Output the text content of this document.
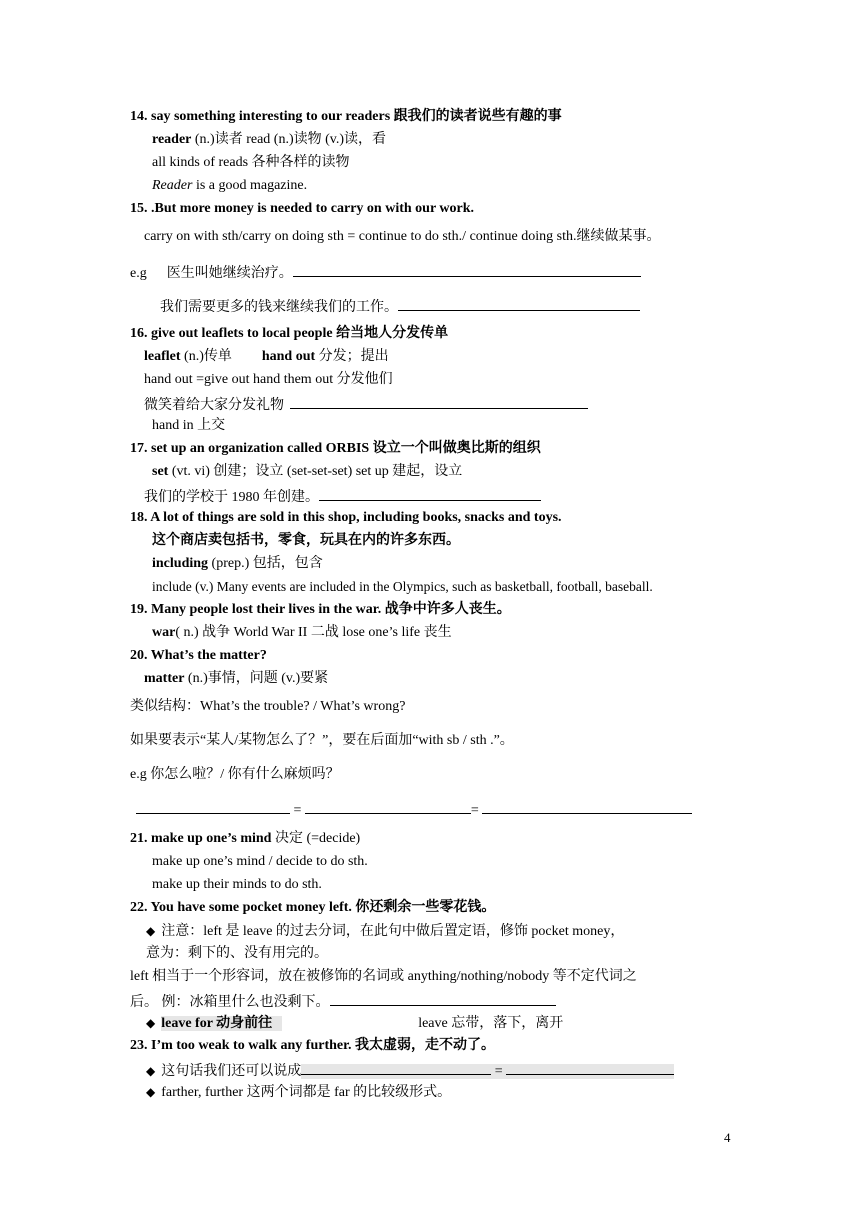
14. say something interesting to our readers 跟我们的读者说些有趣的事
reader (n.)读者 read (n.)读物 (v.)读，看
all kinds of reads 各种各样的读物
Reader is a good magazine.
15. .But more money is needed to carry on with our work.
carry on with sth/carry on doing sth = continue to do sth./ continue doing sth.继续做某事。
e.g 医生叫她继续治疗。
我们需要更多的钱来继续我们的工作。
16. give out leaflets to local people 给当地人分发传单
leaflet (n.)传单 hand out 分发；提出
hand out =give out hand them out 分发他们
微笑着给大家分发礼物
hand in 上交
17. set up an organization called ORBIS 设立一个叫做奥比斯的组织
set (vt. vi) 创建；设立 (set-set-set) set up 建起，设立
我们的学校于 1980 年创建。
18. A lot of things are sold in this shop, including books, snacks and toys.
这个商店卖包括书，零食，玩具在内的许多东西。
including (prep.) 包括，包含
include (v.) Many events are included in the Olympics, such as basketball, football, baseball.
19. Many people lost their lives in the war. 战争中许多人丧生。
war( n.) 战争 World War II 二战 lose one’s life 丧生
20. What’s the matter?
matter (n.)事情，问题 (v.)要紧
类似结构：What’s the trouble? / What’s wrong?
如果要表示“某人/某物怎么了？”，要在后面加“with sb / sth .”。
e.g 你怎么啦？/ 你有什么麻烦吗？
=	=
21. make up one’s mind 决定 (=decide)
make up one’s mind / decide to do sth.
make up their minds to do sth.
22. You have some pocket money left. 你还剩余一些零花钱。
◆ 注意：left 是 leave 的过去分词，在此句中做后置定语，修饰 pocket money，
意为：剩下的、没有用完的。
left 相当于一个形容词，放在被修饰的名词或 anything/nothing/nobody 等不定代词之
后。 例：冰箱里什么也没剩下。
◆ leave for 动身前往	leave 忘带，落下，离开
23. I’m too weak to walk any further. 我太虚弱，走不动了。
◆ 这句话我们还可以说成	=
◆ farther, further 这两个词都是 far 的比较级形式。
4
